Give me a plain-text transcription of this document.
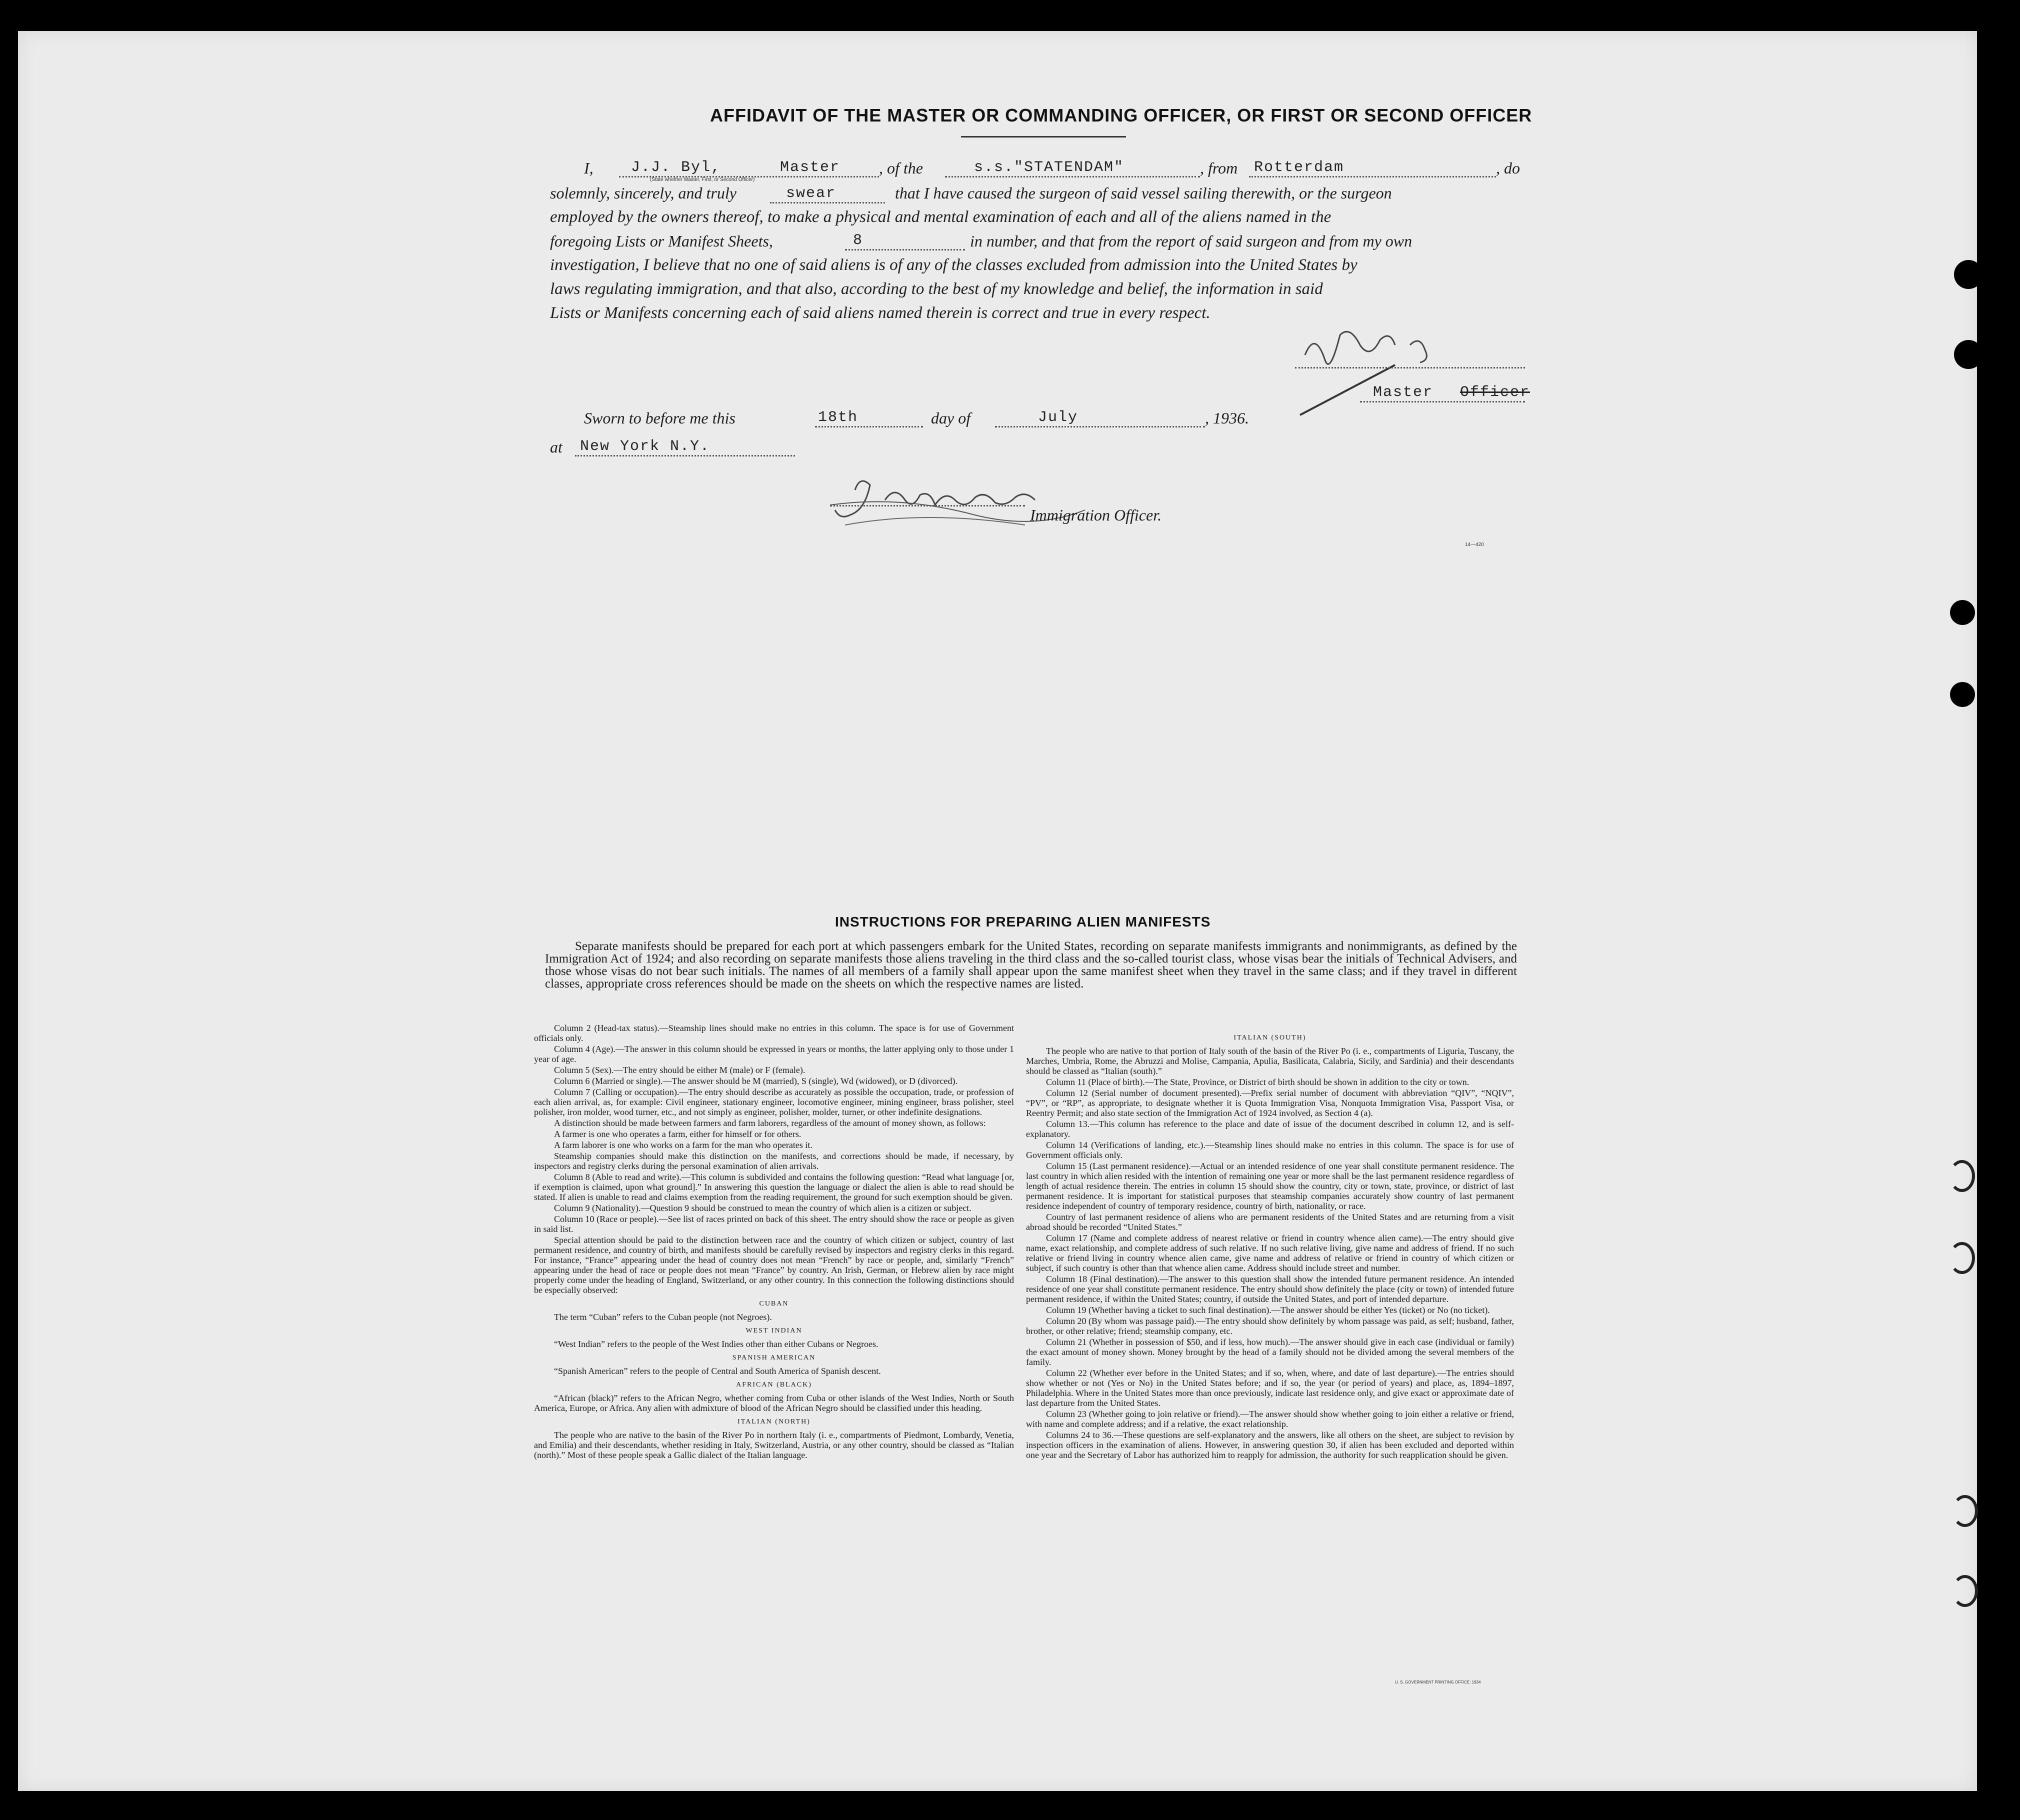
AFFIDAVIT OF THE MASTER OR COMMANDING OFFICER, OR FIRST OR SECOND OFFICER
I,	J.J. Byl,	Master
(State whether Master, First, or Second Officer)
, of the	s.s."STATENDAM"	, from Rotterdam	, do
solemnly, sincerely, and truly	swear	that I have caused the surgeon of said vessel sailing therewith, or the surgeon
employed by the owners thereof, to make a physical and mental examination of each and all of the aliens named in the
foregoing Lists or Manifest Sheets,	8	in number, and that from the report of said surgeon and from my own
investigation, I believe that no one of said aliens is of any of the classes excluded from admission into the United States by
laws regulating immigration, and that also, according to the best of my knowledge and belief, the information in said
Lists or Manifests concerning each of said aliens named therein is correct and true in every respect.
Master Officer
Sworn to before me this	18th	day of	July	, 1936.
at New York N.Y.
Immigration Officer.
14—420
INSTRUCTIONS FOR PREPARING ALIEN MANIFESTS
Separate manifests should be prepared for each port at which passengers embark for the United States, recording on separate manifests immigrants and nonimmigrants, as defined by the Immigration Act of 1924; and also recording on separate manifests those aliens traveling in the third class and the so-called tourist class, whose visas bear the initials of Technical Advisers, and those whose visas do not bear such initials. The names of all members of a family shall appear upon the same manifest sheet when they travel in the same class; and if they travel in different classes, appropriate cross references should be made on the sheets on which the respective names are listed.

Column 2 (Head-tax status).—Steamship lines should make no entries in this column. The space is for use of Government officials only.

Column 4 (Age).—The answer in this column should be expressed in years or months, the latter applying only to those under 1 year of age.

Column 5 (Sex).—The entry should be either M (male) or F (female).

Column 6 (Married or single).—The answer should be M (married), S (single), Wd (widowed), or D (divorced).

Column 7 (Calling or occupation).—The entry should describe as accurately as possible the occupation, trade, or profession of each alien arrival, as, for example: Civil engineer, stationary engineer, locomotive engineer, mining engineer, brass polisher, steel polisher, iron molder, wood turner, etc., and not simply as engineer, polisher, molder, turner, or other indefinite designations.

A distinction should be made between farmers and farm laborers, regardless of the amount of money shown, as follows:

A farmer is one who operates a farm, either for himself or for others.

A farm laborer is one who works on a farm for the man who operates it.

Steamship companies should make this distinction on the manifests, and corrections should be made, if necessary, by inspectors and registry clerks during the personal examination of alien arrivals.

Column 8 (Able to read and write).—This column is subdivided and contains the following question: “Read what language [or, if exemption is claimed, upon what ground].” In answering this question the language or dialect the alien is able to read should be stated. If alien is unable to read and claims exemption from the reading requirement, the ground for such exemption should be given.

Column 9 (Nationality).—Question 9 should be construed to mean the country of which alien is a citizen or subject.

Column 10 (Race or people).—See list of races printed on back of this sheet. The entry should show the race or people as given in said list.

Special attention should be paid to the distinction between race and the country of which citizen or subject, country of last permanent residence, and country of birth, and manifests should be carefully revised by inspectors and registry clerks in this regard. For instance, “France” appearing under the head of country does not mean “French” by race or people, and, similarly “French” appearing under the head of race or people does not mean “France” by country. An Irish, German, or Hebrew alien by race might properly come under the heading of England, Switzerland, or any other country. In this connection the following distinctions should be especially observed:

CUBAN

The term “Cuban” refers to the Cuban people (not Negroes).

WEST INDIAN

“West Indian” refers to the people of the West Indies other than either Cubans or Negroes.

SPANISH AMERICAN

“Spanish American” refers to the people of Central and South America of Spanish descent.

AFRICAN (BLACK)

“African (black)” refers to the African Negro, whether coming from Cuba or other islands of the West Indies, North or South America, Europe, or Africa. Any alien with admixture of blood of the African Negro should be classified under this heading.

ITALIAN (NORTH)

The people who are native to the basin of the River Po in northern Italy (i. e., compartments of Piedmont, Lombardy, Venetia, and Emilia) and their descendants, whether residing in Italy, Switzerland, Austria, or any other country, should be classed as “Italian (north).” Most of these people speak a Gallic dialect of the Italian language.

ITALIAN (SOUTH)

The people who are native to that portion of Italy south of the basin of the River Po (i. e., compartments of Liguria, Tuscany, the Marches, Umbria, Rome, the Abruzzi and Molise, Campania, Apulia, Basilicata, Calabria, Sicily, and Sardinia) and their descendants should be classed as “Italian (south).”

Column 11 (Place of birth).—The State, Province, or District of birth should be shown in addition to the city or town.

Column 12 (Serial number of document presented).—Prefix serial number of document with abbreviation “QIV”, “NQIV”, “PV”, or “RP”, as appropriate, to designate whether it is Quota Immigration Visa, Nonquota Immigration Visa, Passport Visa, or Reentry Permit; and also state section of the Immigration Act of 1924 involved, as Section 4 (a).

Column 13.—This column has reference to the place and date of issue of the document described in column 12, and is self-explanatory.

Column 14 (Verifications of landing, etc.).—Steamship lines should make no entries in this column. The space is for use of Government officials only.

Column 15 (Last permanent residence).—Actual or an intended residence of one year shall constitute permanent residence. The last country in which alien resided with the intention of remaining one year or more shall be the last permanent residence regardless of length of actual residence therein. The entries in column 15 should show the country, city or town, state, province, or district of last permanent residence. It is important for statistical purposes that steamship companies accurately show country of last permanent residence independent of country of temporary residence, country of birth, nationality, or race.

Country of last permanent residence of aliens who are permanent residents of the United States and are returning from a visit abroad should be recorded “United States.”

Column 17 (Name and complete address of nearest relative or friend in country whence alien came).—The entry should give name, exact relationship, and complete address of such relative. If no such relative living, give name and address of friend. If no such relative or friend living in country whence alien came, give name and address of relative or friend in country of which citizen or subject, if such country is other than that whence alien came. Address should include street and number.

Column 18 (Final destination).—The answer to this question shall show the intended future permanent residence. An intended residence of one year shall constitute permanent residence. The entry should show definitely the place (city or town) of intended future permanent residence, if within the United States; country, if outside the United States, and port of intended departure.

Column 19 (Whether having a ticket to such final destination).—The answer should be either Yes (ticket) or No (no ticket).

Column 20 (By whom was passage paid).—The entry should show definitely by whom passage was paid, as self; husband, father, brother, or other relative; friend; steamship company, etc.

Column 21 (Whether in possession of $50, and if less, how much).—The answer should give in each case (individual or family) the exact amount of money shown. Money brought by the head of a family should not be divided among the several members of the family.

Column 22 (Whether ever before in the United States; and if so, when, where, and date of last departure).—The entries should show whether or not (Yes or No) in the United States before; and if so, the year (or period of years) and place, as, 1894–1897, Philadelphia. Where in the United States more than once previously, indicate last residence only, and give exact or approximate date of last departure from the United States.

Column 23 (Whether going to join relative or friend).—The answer should show whether going to join either a relative or friend, with name and complete address; and if a relative, the exact relationship.

Columns 24 to 36.—These questions are self-explanatory and the answers, like all others on the sheet, are subject to revision by inspection officers in the examination of aliens. However, in answering question 30, if alien has been excluded and deported within one year and the Secretary of Labor has authorized him to reapply for admission, the authority for such reapplication should be given.

U. S. GOVERNMENT PRINTING OFFICE: 1934
